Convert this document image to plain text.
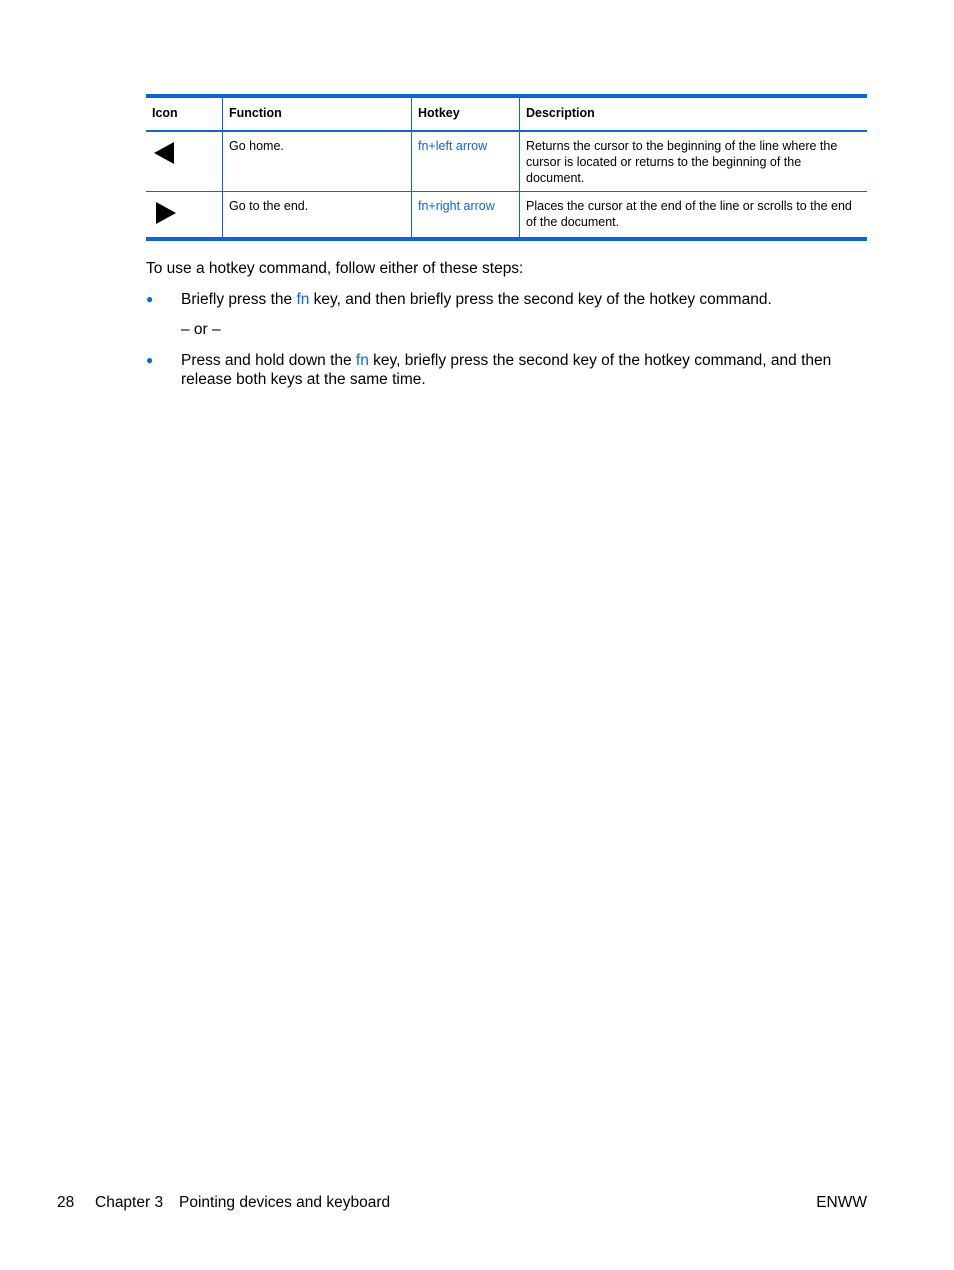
Icon	Function	Hotkey	Description

	Go home.	fn+left arrow	Returns the cursor to the beginning of the line where the cursor is located or returns to the beginning of the document.

	Go to the end.	fn+right arrow	Places the cursor at the end of the line or scrolls to the end of the document.
To use a hotkey command, follow either of these steps:
● Briefly press the fn key, and then briefly press the second key of the hotkey command.
– or –
● Press and hold down the fn key, briefly press the second key of the hotkey command, and then release both keys at the same time.
28 Chapter 3 Pointing devices and keyboard	ENWW
